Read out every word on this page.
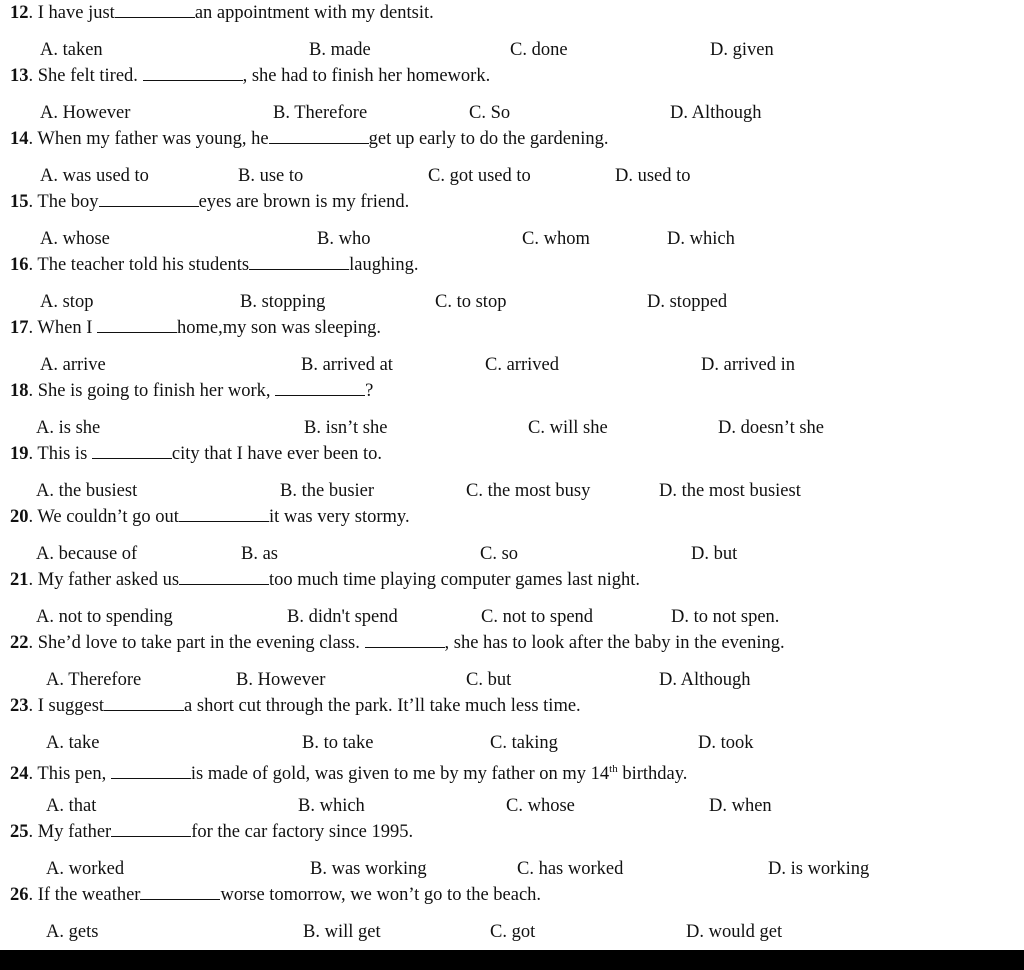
12. I have just	an appointment with my dentsit.
A. taken	B. made	C. done	D. given
13. She felt tired.	, she had to finish her homework.
A. However	B. Therefore	C. So	D. Although
14. When my father was young, he	get up early to do the gardening.
A. was used to	B. use to	C. got used to	D. used to
15. The boy	eyes are brown is my friend.
A. whose	B. who	C. whom	D. which
16. The teacher told his students	laughing.
A. stop	B. stopping	C. to stop	D. stopped
17. When I	home,my son was sleeping.
A. arrive	B. arrived at	C. arrived	D. arrived in
18. She is going to finish her work,	?
A. is she	B. isn’t she	C. will she	D. doesn’t she
19. This is	city that I have ever been to.
A. the busiest	B. the busier	C. the most busy	D. the most busiest
20. We couldn’t go out	it was very stormy.
A. because of	B. as	C. so	D. but
21. My father asked us	too much time playing computer games last night.
A. not to spending	B. didn't spend	C. not to spend	D. to not spen.
22. She’d love to take part in the evening class.	, she has to look after the baby in the evening.
A. Therefore	B. However	C. but	D. Although
23. I suggest	a short cut through the park. It’ll take much less time.
A. take	B. to take	C. taking	D. took
24. This pen,	is made of gold, was given to me by my father on my 14th birthday.
A. that	B. which	C. whose	D. when
25. My father	for the car factory since 1995.
A. worked	B. was working	C. has worked	D. is working
26. If the weather	worse tomorrow, we won’t go to the beach.
A. gets	B. will get	C. got	D. would get
